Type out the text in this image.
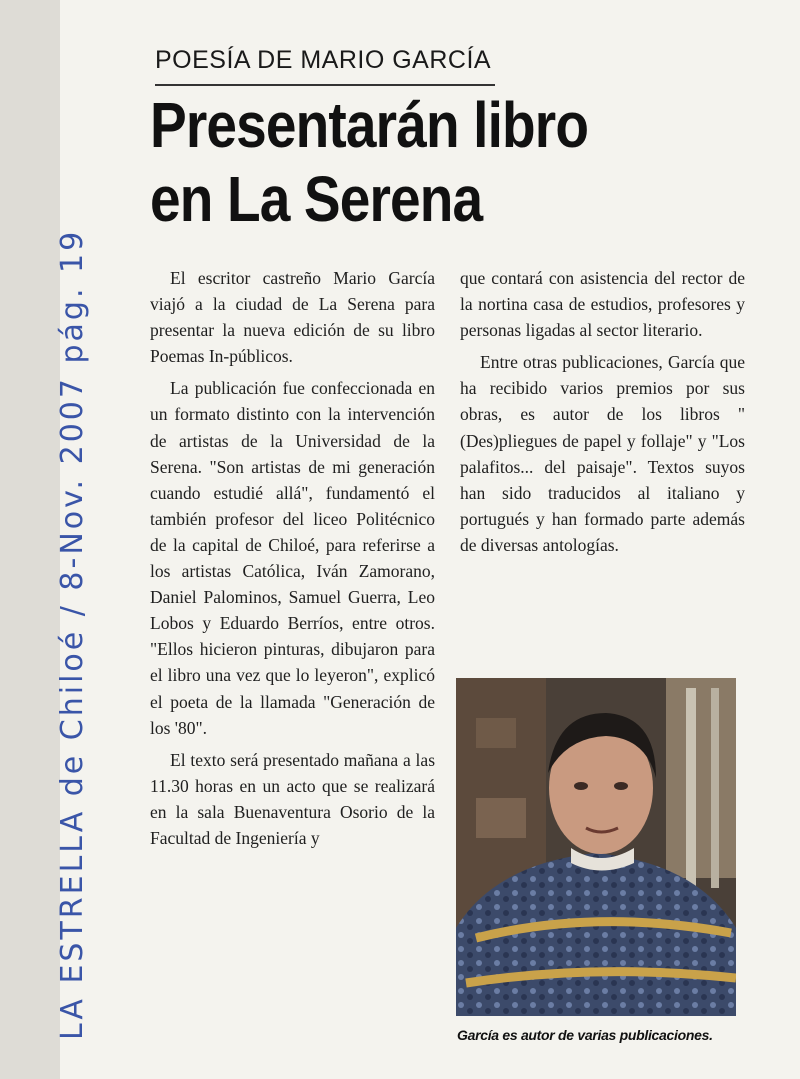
POESÍA DE MARIO GARCÍA
Presentarán libro
en La Serena

El escritor castreño Mario García viajó a la ciudad de La Serena para presentar la nueva edición de su libro Poemas In-públicos.

La publicación fue confeccionada en un formato distinto con la intervención de artistas de la Universidad de la Serena. "Son artistas de mi generación cuando estudié allá", fundamentó el también profesor del liceo Politécnico de la capital de Chiloé, para referirse a los artistas Católica, Iván Zamorano, Daniel Palominos, Samuel Guerra, Leo Lobos y Eduardo Berríos, entre otros. "Ellos hicieron pinturas, dibujaron para el libro una vez que lo leyeron", explicó el poeta de la llamada "Generación de los '80".

El texto será presentado mañana a las 11.30 horas en un acto que se realizará en la sala Buenaventura Osorio de la Facultad de Ingeniería y

que contará con asistencia del rector de la nortina casa de estudios, profesores y personas ligadas al sector literario.

Entre otras publicaciones, García que ha recibido varios premios por sus obras, es autor de los libros "(Des)pliegues de papel y follaje" y "Los palafitos... del paisaje". Textos suyos han sido traducidos al italiano y portugués y han formado parte además de diversas antologías.

García es autor de varias publicaciones.
LA ESTRELLA de Chiloé / 8-Nov. 2007 pág. 19
